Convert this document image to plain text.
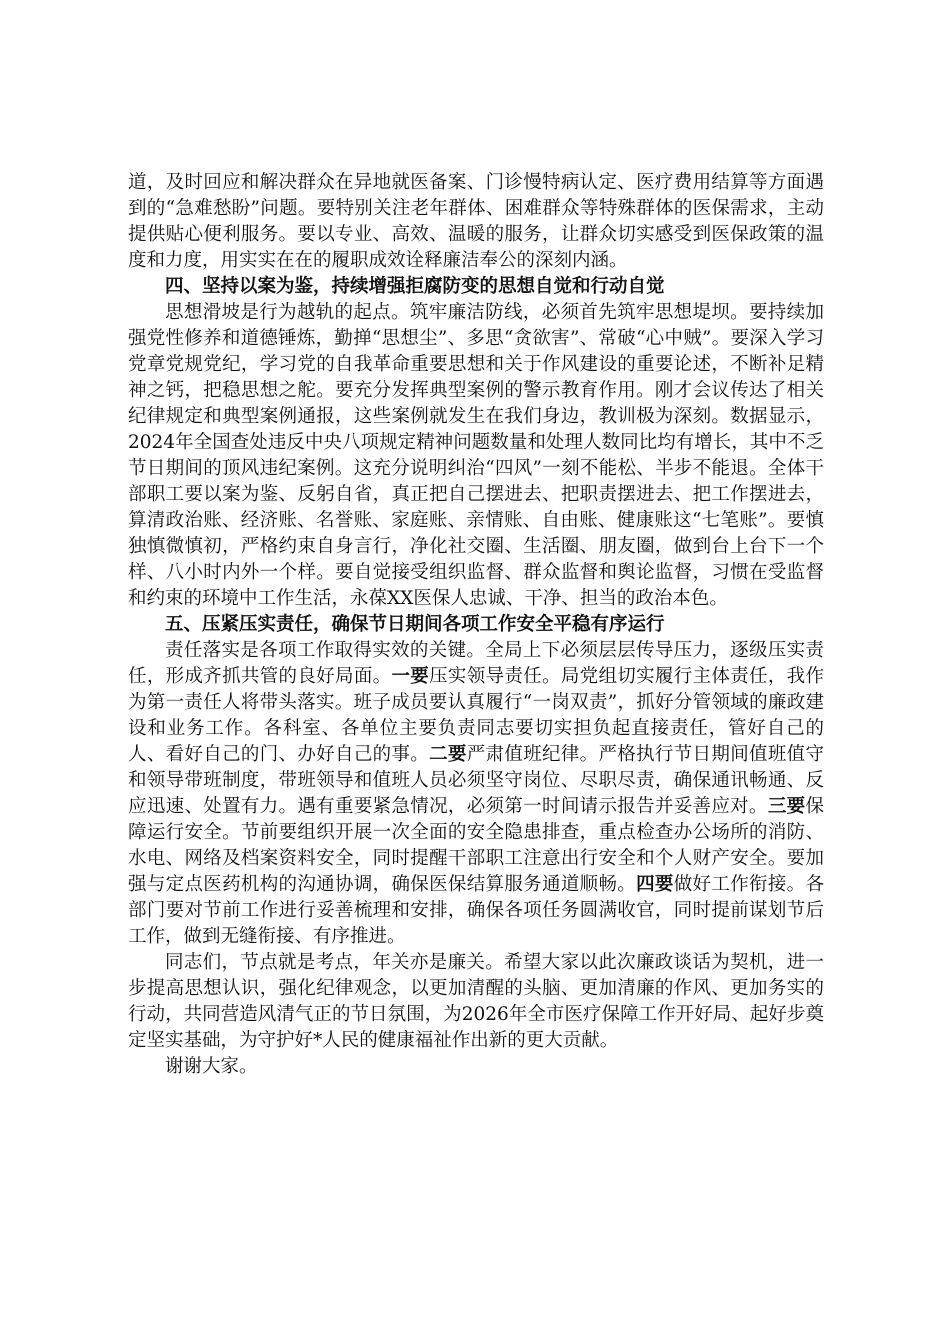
道，及时回应和解决群众在异地就医备案、门诊慢特病认定、医疗费用结算等方面遇到的“急难愁盼”问题。要特别关注老年群体、困难群众等特殊群体的医保需求，主动提供贴心便利服务。要以专业、高效、温暖的服务，让群众切实感受到医保政策的温度和力度，用实实在在的履职成效诠释廉洁奉公的深刻内涵。

四、坚持以案为鉴，持续增强拒腐防变的思想自觉和行动自觉

思想滑坡是行为越轨的起点。筑牢廉洁防线，必须首先筑牢思想堤坝。要持续加强党性修养和道德锤炼，勤掸“思想尘”、多思“贪欲害”、常破“心中贼”。要深入学习党章党规党纪，学习党的自我革命重要思想和关于作风建设的重要论述，不断补足精神之钙，把稳思想之舵。要充分发挥典型案例的警示教育作用。刚才会议传达了相关纪律规定和典型案例通报，这些案例就发生在我们身边，教训极为深刻。数据显示，2024年全国查处违反中央八项规定精神问题数量和处理人数同比均有增长，其中不乏节日期间的顶风违纪案例。这充分说明纠治“四风”一刻不能松、半步不能退。全体干部职工要以案为鉴、反躬自省，真正把自己摆进去、把职责摆进去、把工作摆进去，算清政治账、经济账、名誉账、家庭账、亲情账、自由账、健康账这“七笔账”。要慎独慎微慎初，严格约束自身言行，净化社交圈、生活圈、朋友圈，做到台上台下一个样、八小时内外一个样。要自觉接受组织监督、群众监督和舆论监督，习惯在受监督和约束的环境中工作生活，永葆XX医保人忠诚、干净、担当的政治本色。

五、压紧压实责任，确保节日期间各项工作安全平稳有序运行

责任落实是各项工作取得实效的关键。全局上下必须层层传导压力，逐级压实责任，形成齐抓共管的良好局面。一要压实领导责任。局党组切实履行主体责任，我作为第一责任人将带头落实。班子成员要认真履行“一岗双责”，抓好分管领域的廉政建设和业务工作。各科室、各单位主要负责同志要切实担负起直接责任，管好自己的人、看好自己的门、办好自己的事。二要严肃值班纪律。严格执行节日期间值班值守和领导带班制度，带班领导和值班人员必须坚守岗位、尽职尽责，确保通讯畅通、反应迅速、处置有力。遇有重要紧急情况，必须第一时间请示报告并妥善应对。三要保障运行安全。节前要组织开展一次全面的安全隐患排查，重点检查办公场所的消防、水电、网络及档案资料安全，同时提醒干部职工注意出行安全和个人财产安全。要加强与定点医药机构的沟通协调，确保医保结算服务通道顺畅。四要做好工作衔接。各部门要对节前工作进行妥善梳理和安排，确保各项任务圆满收官，同时提前谋划节后工作，做到无缝衔接、有序推进。

同志们，节点就是考点，年关亦是廉关。希望大家以此次廉政谈话为契机，进一步提高思想认识，强化纪律观念，以更加清醒的头脑、更加清廉的作风、更加务实的行动，共同营造风清气正的节日氛围，为2026年全市医疗保障工作开好局、起好步奠定坚实基础，为守护好*人民的健康福祉作出新的更大贡献。

谢谢大家。
